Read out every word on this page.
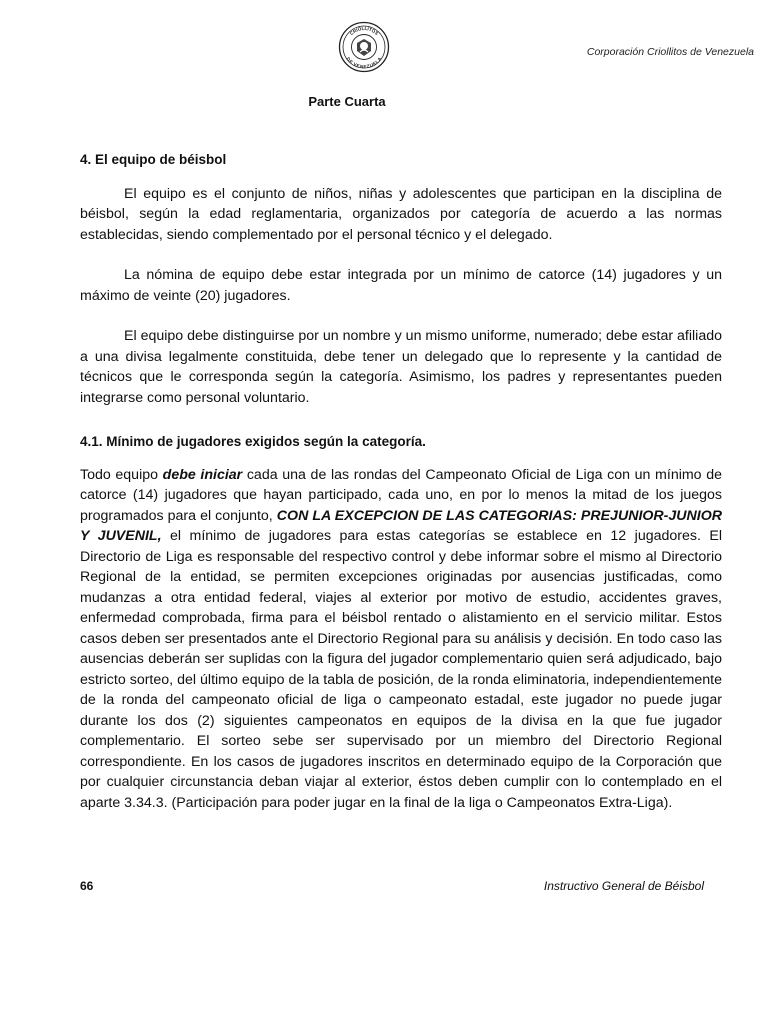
CRIOLLITOS
DE VENEZUELA
Corporación Criollitos de Venezuela
Parte Cuarta
4. El equipo de béisbol

El equipo es el conjunto de niños, niñas y adolescentes que participan en la disciplina de béisbol, según la edad reglamentaria, organizados por categoría de acuerdo a las normas establecidas, siendo complementado por el personal técnico y el delegado.

La nómina de equipo debe estar integrada por un mínimo de catorce (14) jugadores y un máximo de veinte (20) jugadores.

El equipo debe distinguirse por un nombre y un mismo uniforme, numerado; debe estar afiliado a una divisa legalmente constituida, debe tener un delegado que lo represente y la cantidad de técnicos que le corresponda según la categoría. Asimismo, los padres y representantes pueden integrarse como personal voluntario.

4.1. Mínimo de jugadores exigidos según la categoría.

Todo equipo debe iniciar cada una de las rondas del Campeonato Oficial de Liga con un mínimo de catorce (14) jugadores que hayan participado, cada uno, en por lo menos la mitad de los juegos programados para el conjunto, CON LA EXCEPCION DE LAS CATEGORIAS: PREJUNIOR-JUNIOR Y JUVENIL, el mínimo de jugadores para estas categorías se establece en 12 jugadores. El Directorio de Liga es responsable del respectivo control y debe informar sobre el mismo al Directorio Regional de la entidad, se permiten excepciones originadas por ausencias justificadas, como mudanzas a otra entidad federal, viajes al exterior por motivo de estudio, accidentes graves, enfermedad comprobada, firma para el béisbol rentado o alistamiento en el servicio militar. Estos casos deben ser presentados ante el Directorio Regional para su análisis y decisión. En todo caso las ausencias deberán ser suplidas con la figura del jugador complementario quien será adjudicado, bajo estricto sorteo, del último equipo de la tabla de posición, de la ronda eliminatoria, independientemente de la ronda del campeonato oficial de liga o campeonato estadal, este jugador no puede jugar durante los dos (2) siguientes campeonatos en equipos de la divisa en la que fue jugador complementario. El sorteo sebe ser supervisado por un miembro del Directorio Regional correspondiente. En los casos de jugadores inscritos en determinado equipo de la Corporación que por cualquier circunstancia deban viajar al exterior, éstos deben cumplir con lo contemplado en el aparte 3.34.3. (Participación para poder jugar en la final de la liga o Campeonatos Extra-Liga).

66	Instructivo General de Béisbol
